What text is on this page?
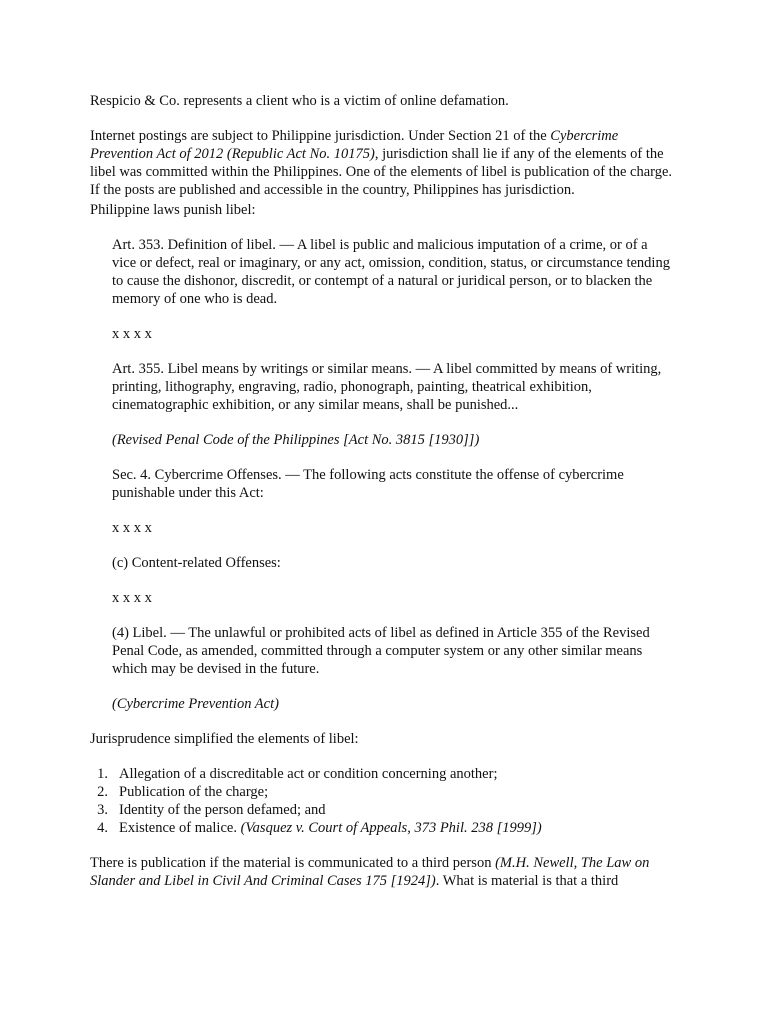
Respicio & Co. represents a client who is a victim of online defamation.

Internet postings are subject to Philippine jurisdiction. Under Section 21 of the Cybercrime Prevention Act of 2012 (Republic Act No. 10175), jurisdiction shall lie if any of the elements of the libel was committed within the Philippines. One of the elements of libel is publication of the charge. If the posts are published and accessible in the country, Philippines has jurisdiction.

Philippine laws punish libel:

Art. 353. Definition of libel. — A libel is public and malicious imputation of a crime, or of a vice or defect, real or imaginary, or any act, omission, condition, status, or circumstance tending to cause the dishonor, discredit, or contempt of a natural or juridical person, or to blacken the memory of one who is dead.

x x x x

Art. 355. Libel means by writings or similar means. — A libel committed by means of writing, printing, lithography, engraving, radio, phonograph, painting, theatrical exhibition, cinematographic exhibition, or any similar means, shall be punished...

(Revised Penal Code of the Philippines [Act No. 3815 [1930]])

Sec. 4. Cybercrime Offenses. — The following acts constitute the offense of cybercrime punishable under this Act:

x x x x

(c) Content-related Offenses:

x x x x

(4) Libel. — The unlawful or prohibited acts of libel as defined in Article 355 of the Revised Penal Code, as amended, committed through a computer system or any other similar means which may be devised in the future.

(Cybercrime Prevention Act)

Jurisprudence simplified the elements of libel:

1. Allegation of a discreditable act or condition concerning another;
2. Publication of the charge;
3. Identity of the person defamed; and
4. Existence of malice. (Vasquez v. Court of Appeals, 373 Phil. 238 [1999])

There is publication if the material is communicated to a third person (M.H. Newell, The Law on Slander and Libel in Civil And Criminal Cases 175 [1924]). What is material is that a third
